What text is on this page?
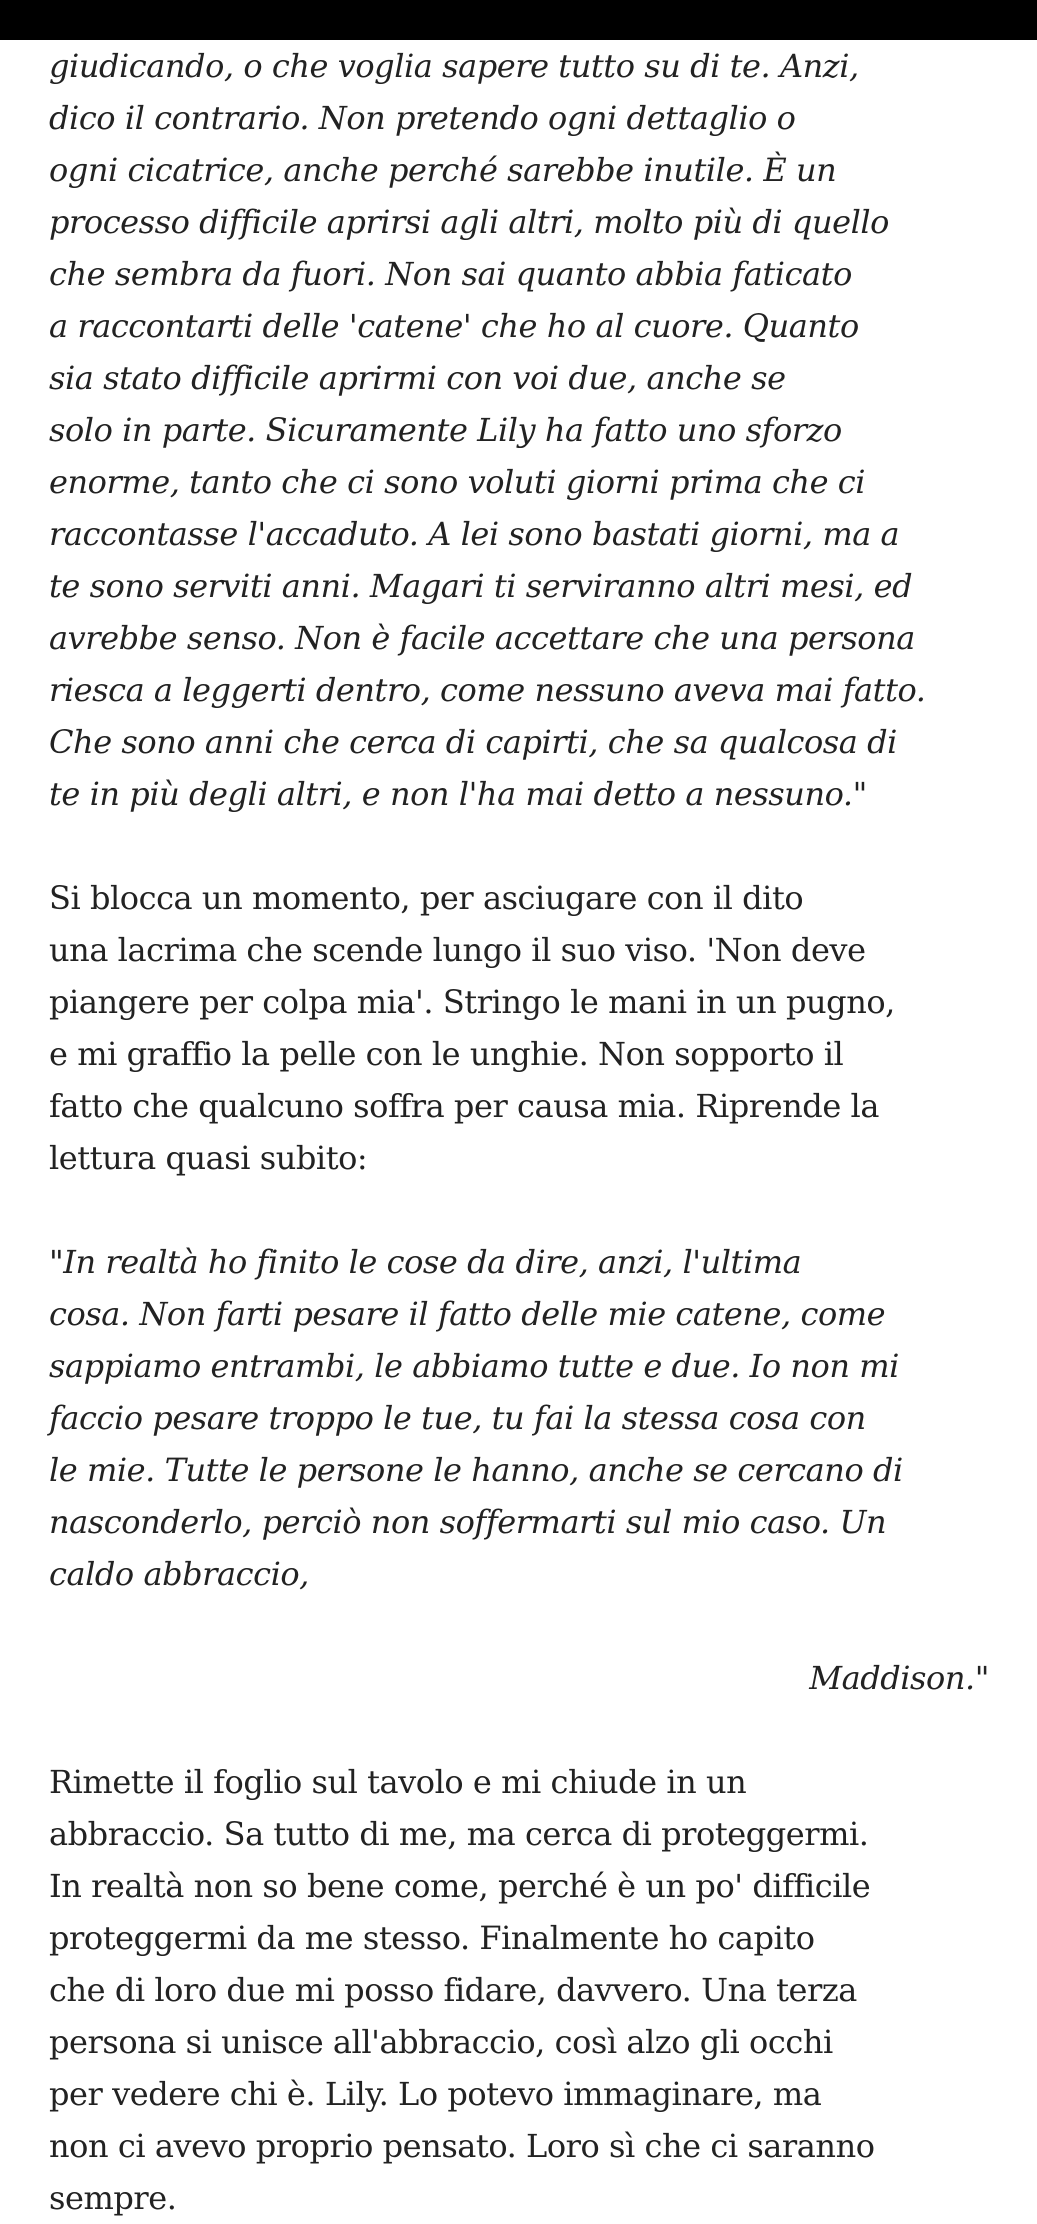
giudicando, o che voglia sapere tutto su di te. Anzi,
dico il contrario. Non pretendo ogni dettaglio o
ogni cicatrice, anche perché sarebbe inutile. È un
processo difficile aprirsi agli altri, molto più di quello
che sembra da fuori. Non sai quanto abbia faticato
a raccontarti delle 'catene' che ho al cuore. Quanto
sia stato difficile aprirmi con voi due, anche se
solo in parte. Sicuramente Lily ha fatto uno sforzo
enorme, tanto che ci sono voluti giorni prima che ci
raccontasse l'accaduto. A lei sono bastati giorni, ma a
te sono serviti anni. Magari ti serviranno altri mesi, ed
avrebbe senso. Non è facile accettare che una persona
riesca a leggerti dentro, come nessuno aveva mai fatto.
Che sono anni che cerca di capirti, che sa qualcosa di
te in più degli altri, e non l'ha mai detto a nessuno."
Si blocca un momento, per asciugare con il dito
una lacrima che scende lungo il suo viso. 'Non deve
piangere per colpa mia'. Stringo le mani in un pugno,
e mi graffio la pelle con le unghie. Non sopporto il
fatto che qualcuno soffra per causa mia. Riprende la
lettura quasi subito:
"In realtà ho finito le cose da dire, anzi, l'ultima
cosa. Non farti pesare il fatto delle mie catene, come
sappiamo entrambi, le abbiamo tutte e due. Io non mi
faccio pesare troppo le tue, tu fai la stessa cosa con
le mie. Tutte le persone le hanno, anche se cercano di
nasconderlo, perciò non soffermarti sul mio caso. Un
caldo abbraccio,
Maddison."
Rimette il foglio sul tavolo e mi chiude in un
abbraccio. Sa tutto di me, ma cerca di proteggermi.
In realtà non so bene come, perché è un po' difficile
proteggermi da me stesso. Finalmente ho capito
che di loro due mi posso fidare, davvero. Una terza
persona si unisce all'abbraccio, così alzo gli occhi
per vedere chi è. Lily. Lo potevo immaginare, ma
non ci avevo proprio pensato. Loro sì che ci saranno
sempre.
